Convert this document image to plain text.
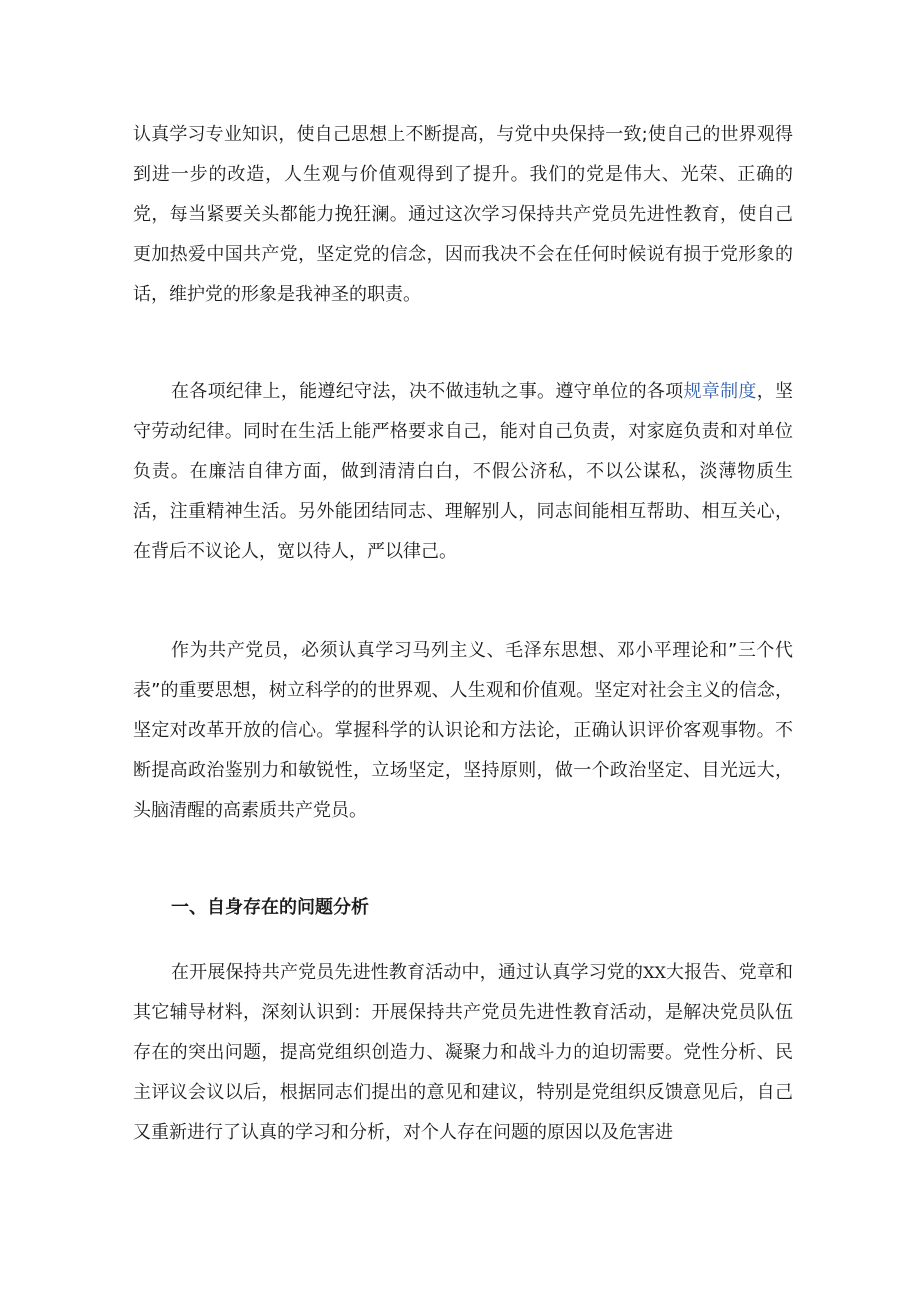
认真学习专业知识，使自己思想上不断提高，与党中央保持一致;使自己的世界观得到进一步的改造，人生观与价值观得到了提升。我们的党是伟大、光荣、正确的党，每当紧要关头都能力挽狂澜。通过这次学习保持共产党员先进性教育，使自己更加热爱中国共产党，坚定党的信念，因而我决不会在任何时候说有损于党形象的话，维护党的形象是我神圣的职责。

在各项纪律上，能遵纪守法，决不做违轨之事。遵守单位的各项规章制度，坚守劳动纪律。同时在生活上能严格要求自己，能对自己负责，对家庭负责和对单位负责。在廉洁自律方面，做到清清白白，不假公济私，不以公谋私，淡薄物质生活，注重精神生活。另外能团结同志、理解别人，同志间能相互帮助、相互关心，在背后不议论人，宽以待人，严以律己。

作为共产党员，必须认真学习马列主义、毛泽东思想、邓小平理论和”三个代表”的重要思想，树立科学的的世界观、人生观和价值观。坚定对社会主义的信念，坚定对改革开放的信心。掌握科学的认识论和方法论，正确认识评价客观事物。不断提高政治鉴别力和敏锐性，立场坚定，坚持原则，做一个政治坚定、目光远大，头脑清醒的高素质共产党员。

一、自身存在的问题分析

在开展保持共产党员先进性教育活动中，通过认真学习党的XX大报告、党章和其它辅导材料，深刻认识到：开展保持共产党员先进性教育活动，是解决党员队伍存在的突出问题，提高党组织创造力、凝聚力和战斗力的迫切需要。党性分析、民主评议会议以后，根据同志们提出的意见和建议，特别是党组织反馈意见后，自己又重新进行了认真的学习和分析，对个人存在问题的原因以及危害进
